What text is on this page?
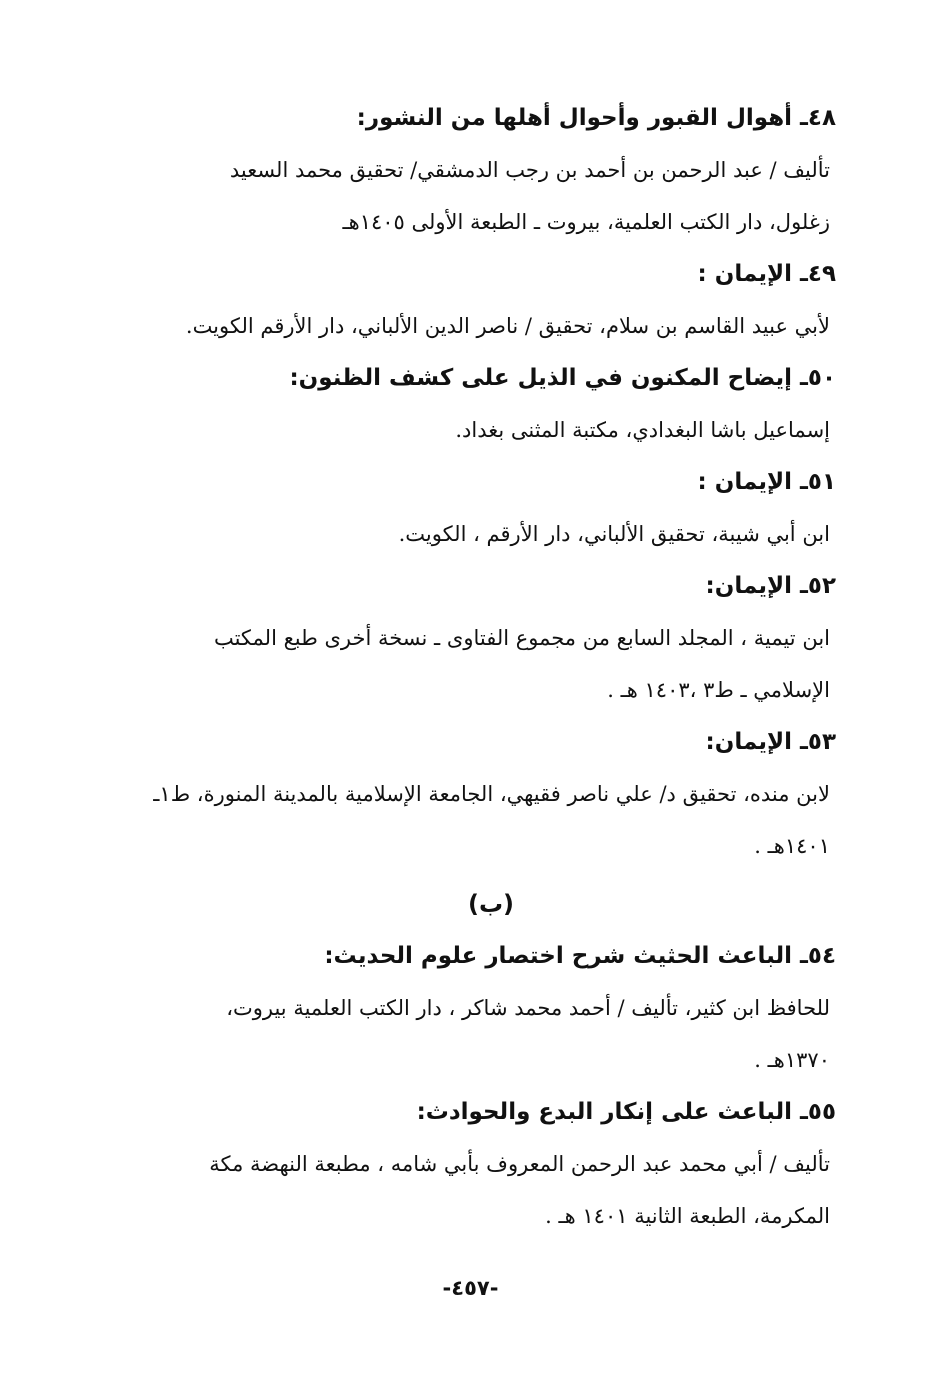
٤٨ـ أهوال القبور وأحوال أهلها من النشور:

تأليف / عبد الرحمن بن أحمد بن رجب الدمشقي/ تحقيق محمد السعيد

زغلول، دار الكتب العلمية، بيروت ـ الطبعة الأولى ١٤٠٥هـ

٤٩ـ الإيمان :

لأبي عبيد القاسم بن سلام، تحقيق / ناصر الدين الألباني، دار الأرقم الكويت.

٥٠ـ إيضاح المكنون في الذيل على كشف الظنون:

إسماعيل باشا البغدادي، مكتبة المثنى بغداد.

٥١ـ الإيمان :

ابن أبي شيبة، تحقيق الألباني، دار الأرقم ، الكويت.

٥٢ـ الإيمان:

ابن تيمية ، المجلد السابع من مجموع الفتاوى ـ نسخة أخرى طبع المكتب

الإسلامي ـ ط٣ ،١٤٠٣ هـ .

٥٣ـ الإيمان:

لابن منده، تحقيق د/ علي ناصر فقيهي، الجامعة الإسلامية بالمدينة المنورة، ط١ـ

١٤٠١هـ .

(ب)

٥٤ـ الباعث الحثيث شرح اختصار علوم الحديث:

للحافظ ابن كثير، تأليف / أحمد محمد شاكر ، دار الكتب العلمية بيروت،

١٣٧٠هـ .

٥٥ـ الباعث على إنكار البدع والحوادث:

تأليف / أبي محمد عبد الرحمن المعروف بأبي شامه ، مطبعة النهضة مكة

المكرمة، الطبعة الثانية ١٤٠١ هـ .

-٤٥٧-
